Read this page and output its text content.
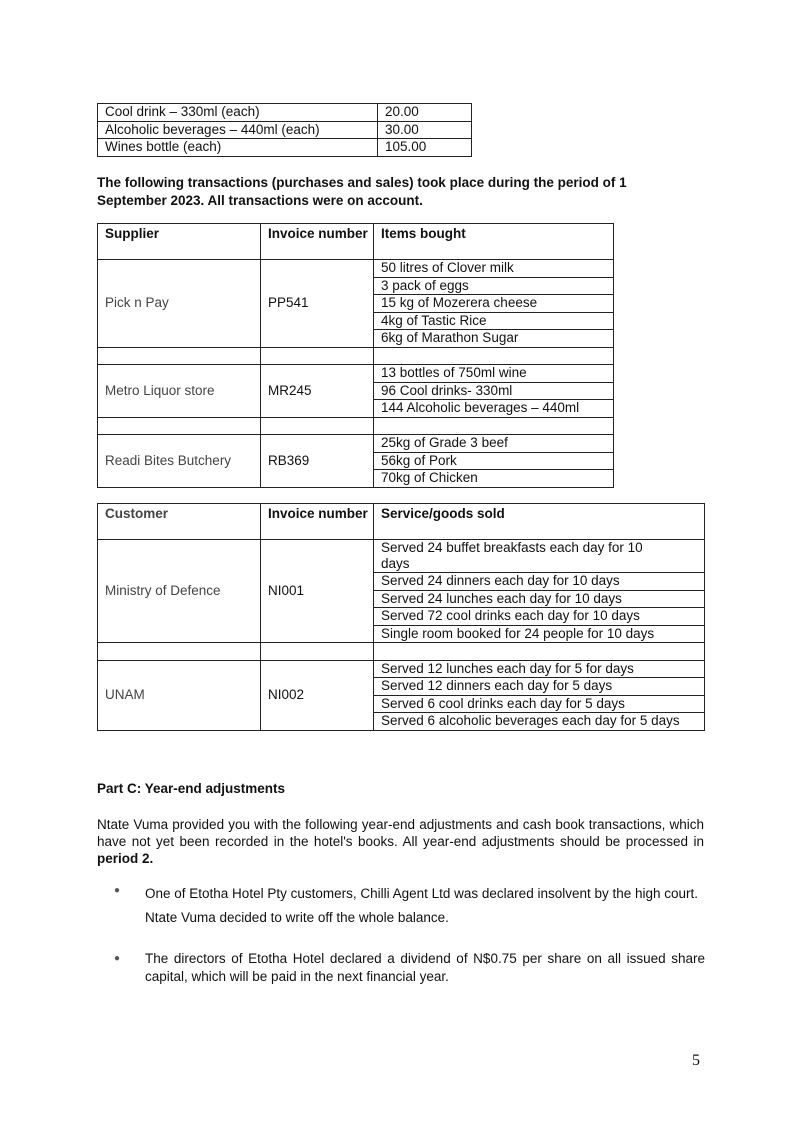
Cool drink – 330ml (each)	20.00
Alcoholic beverages – 440ml (each)	30.00
Wines bottle (each)	105.00
The following transactions (purchases and sales) took place during the period of 1
September 2023. All transactions were on account.
Supplier	Invoice number	Items bought
Pick n Pay	PP541	50 litres of Clover milk
		3 pack of eggs
		15 kg of Mozerera cheese
		4kg of Tastic Rice
		6kg of Marathon Sugar

Metro Liquor store	MR245	13 bottles of 750ml wine
		96 Cool drinks- 330ml
		144 Alcoholic beverages – 440ml

Readi Bites Butchery	RB369	25kg of Grade 3 beef
		56kg of Pork
		70kg of Chicken
Customer	Invoice number	Service/goods sold
Ministry of Defence	NI001	Served 24 buffet breakfasts each day for 10 days
		Served 24 dinners each day for 10 days
		Served 24 lunches each day for 10 days
		Served 72 cool drinks each day for 10 days
		Single room booked for 24 people for 10 days

UNAM	NI002	Served 12 lunches each day for 5 for days
		Served 12 dinners each day for 5 days
		Served 6 cool drinks each day for 5 days
		Served 6 alcoholic beverages each day for 5 days
Part C: Year-end adjustments
Ntate Vuma provided you with the following year-end adjustments and cash book transactions, which have not yet been recorded in the hotel's books. All year-end adjustments should be processed in period 2.
● One of Etotha Hotel Pty customers, Chilli Agent Ltd was declared insolvent by the high court. Ntate Vuma decided to write off the whole balance.
● The directors of Etotha Hotel declared a dividend of N$0.75 per share on all issued share capital, which will be paid in the next financial year.
5
